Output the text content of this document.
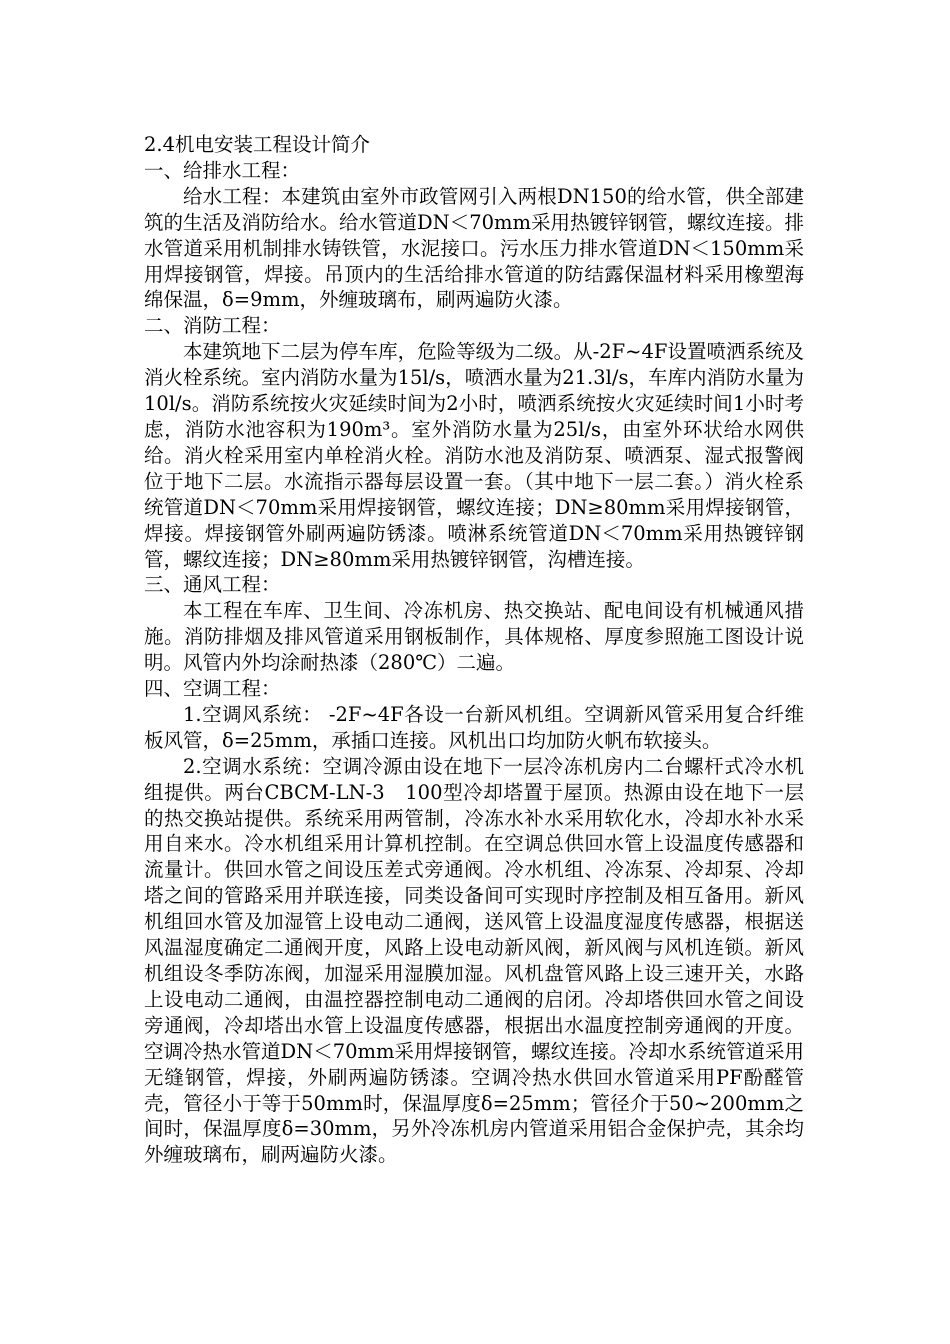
2.4机电安装工程设计简介

一、给排水工程：

给水工程：本建筑由室外市政管网引入两根DN150的给水管，供全部建筑的生活及消防给水。给水管道DN＜70mm采用热镀锌钢管，螺纹连接。排水管道采用机制排水铸铁管，水泥接口。污水压力排水管道DN＜150mm采用焊接钢管，焊接。吊顶内的生活给排水管道的防结露保温材料采用橡塑海绵保温，δ=9mm，外缠玻璃布，刷两遍防火漆。

二、消防工程：

本建筑地下二层为停车库，危险等级为二级。从-2F~4F设置喷洒系统及消火栓系统。室内消防水量为15l/s，喷洒水量为21.3l/s，车库内消防水量为10l/s。消防系统按火灾延续时间为2小时，喷洒系统按火灾延续时间1小时考虑，消防水池容积为190m³。室外消防水量为25l/s，由室外环状给水网供给。消火栓采用室内单栓消火栓。消防水池及消防泵、喷洒泵、湿式报警阀位于地下二层。水流指示器每层设置一套。（其中地下一层二套。）消火栓系统管道DN＜70mm采用焊接钢管，螺纹连接；DN≥80mm采用焊接钢管，焊接。焊接钢管外刷两遍防锈漆。喷淋系统管道DN＜70mm采用热镀锌钢管，螺纹连接；DN≥80mm采用热镀锌钢管，沟槽连接。

三、通风工程：

本工程在车库、卫生间、冷冻机房、热交换站、配电间设有机械通风措施。消防排烟及排风管道采用钢板制作，具体规格、厚度参照施工图设计说明。风管内外均涂耐热漆（280℃）二遍。

四、空调工程：

1.空调风系统： -2F~4F各设一台新风机组。空调新风管采用复合纤维板风管，δ=25mm，承插口连接。风机出口均加防火帆布软接头。

2.空调水系统：空调冷源由设在地下一层冷冻机房内二台螺杆式冷水机组提供。两台CBCM-LN-3　100型冷却塔置于屋顶。热源由设在地下一层的热交换站提供。系统采用两管制，冷冻水补水采用软化水，冷却水补水采用自来水。冷水机组采用计算机控制。在空调总供回水管上设温度传感器和流量计。供回水管之间设压差式旁通阀。冷水机组、冷冻泵、冷却泵、冷却塔之间的管路采用并联连接，同类设备间可实现时序控制及相互备用。新风机组回水管及加湿管上设电动二通阀，送风管上设温度湿度传感器，根据送风温湿度确定二通阀开度，风路上设电动新风阀，新风阀与风机连锁。新风机组设冬季防冻阀，加湿采用湿膜加湿。风机盘管风路上设三速开关，水路上设电动二通阀，由温控器控制电动二通阀的启闭。冷却塔供回水管之间设旁通阀，冷却塔出水管上设温度传感器，根据出水温度控制旁通阀的开度。空调冷热水管道DN＜70mm采用焊接钢管，螺纹连接。冷却水系统管道采用无缝钢管，焊接，外刷两遍防锈漆。空调冷热水供回水管道采用PF酚醛管壳，管径小于等于50mm时，保温厚度δ=25mm；管径介于50~200mm之间时，保温厚度δ=30mm，另外冷冻机房内管道采用铝合金保护壳，其余均外缠玻璃布，刷两遍防火漆。
